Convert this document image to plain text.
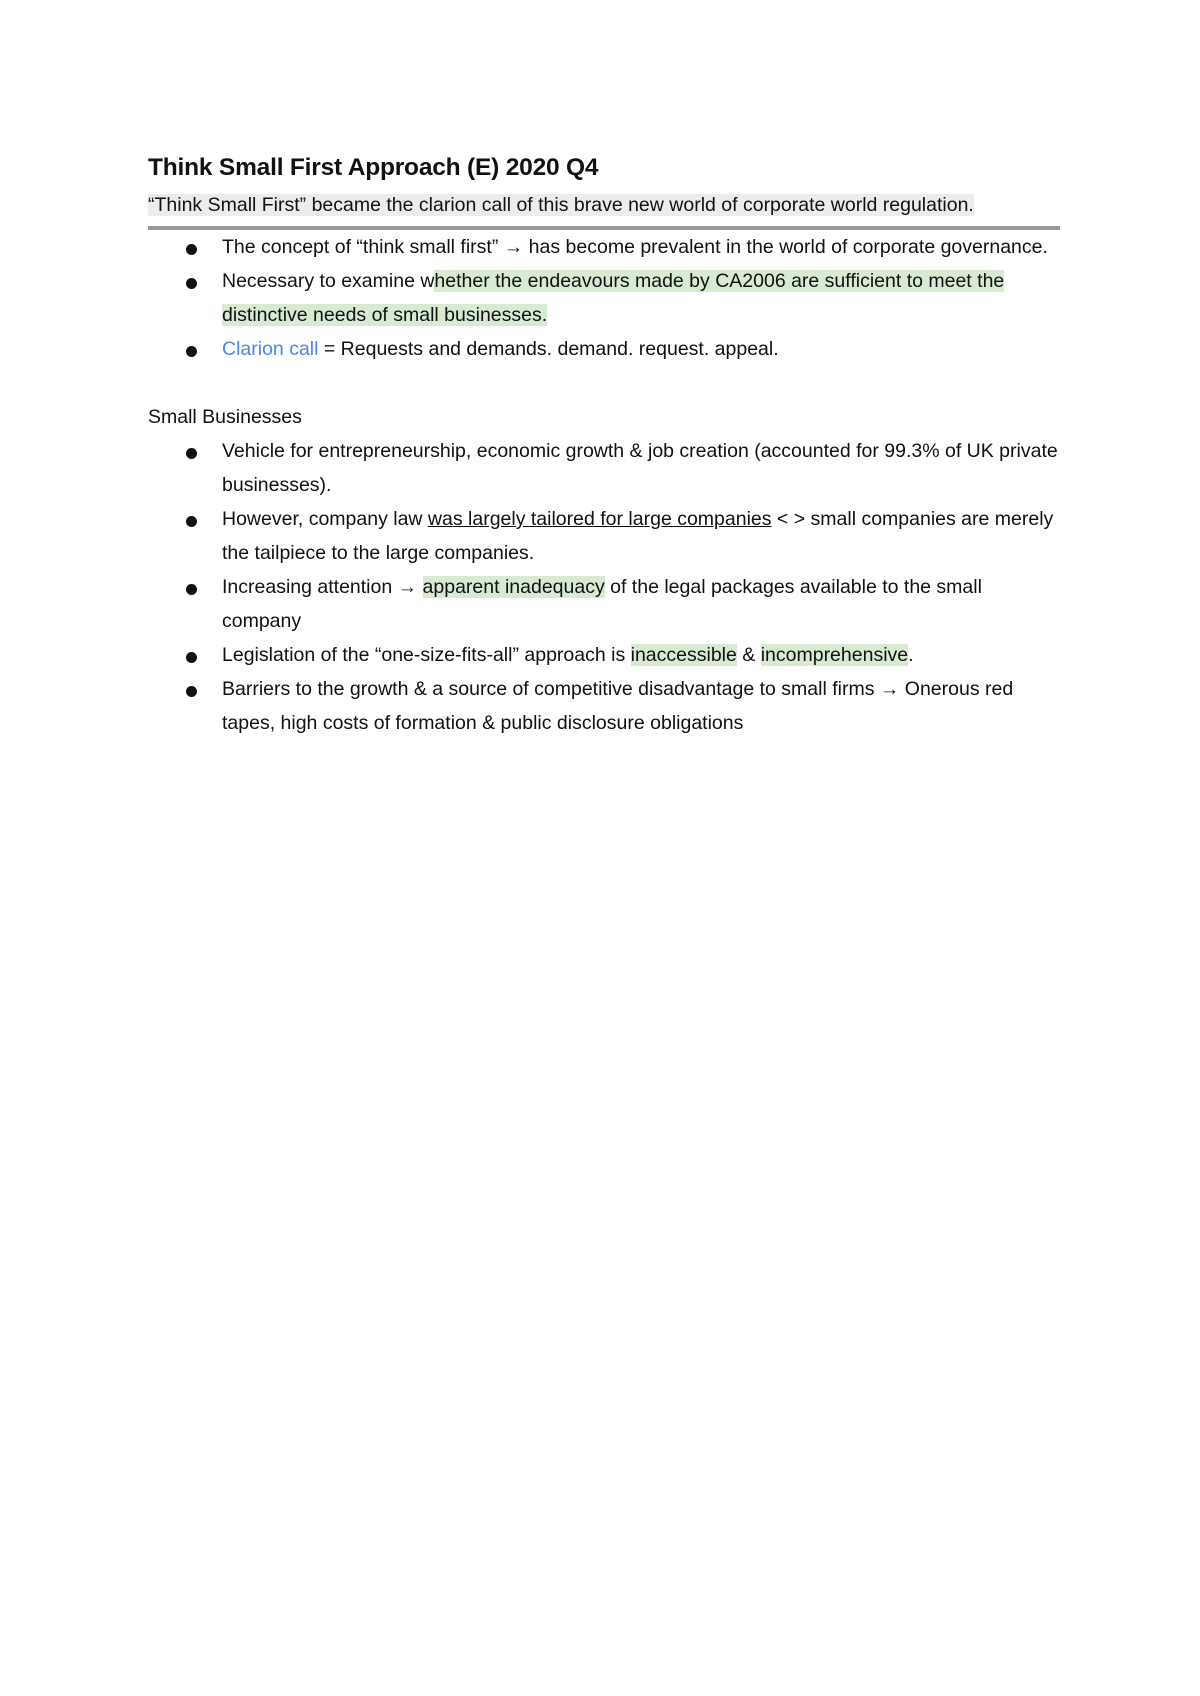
Think Small First Approach (E) 2020 Q4
“Think Small First” became the clarion call of this brave new world of corporate world regulation.
The concept of “think small first” → has become prevalent in the world of corporate governance.
Necessary to examine whether the endeavours made by CA2006 are sufficient to meet the distinctive needs of small businesses.
Clarion call = Requests and demands. demand. request. appeal.
Small Businesses
Vehicle for entrepreneurship, economic growth & job creation (accounted for 99.3% of UK private businesses).
However, company law was largely tailored for large companies < > small companies are merely the tailpiece to the large companies.
Increasing attention → apparent inadequacy of the legal packages available to the small company
Legislation of the “one-size-fits-all” approach is inaccessible & incomprehensive.
Barriers to the growth & a source of competitive disadvantage to small firms → Onerous red tapes, high costs of formation & public disclosure obligations
